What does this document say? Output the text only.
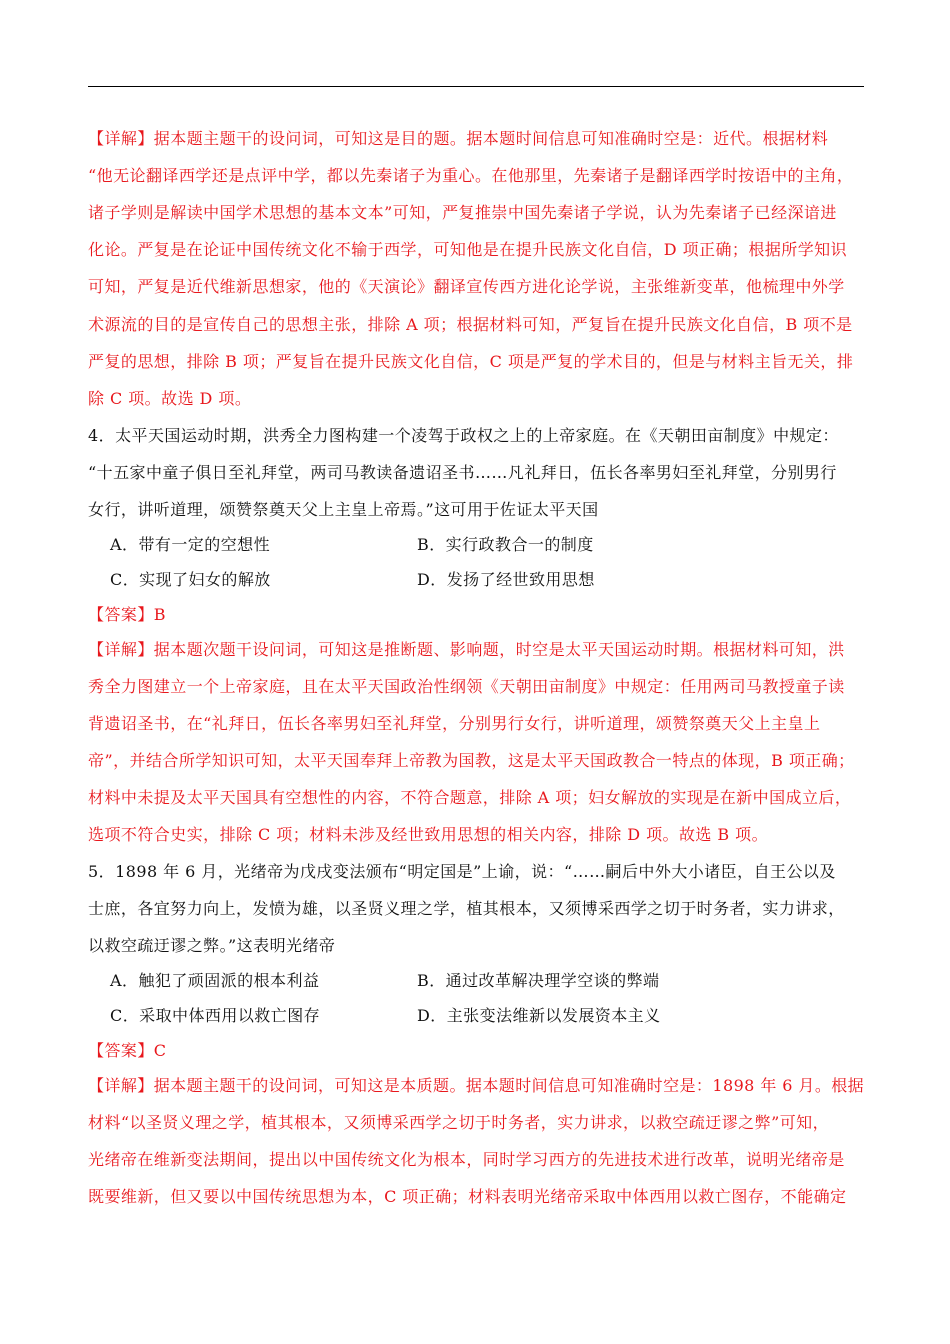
【详解】据本题主题干的设问词，可知这是目的题。据本题时间信息可知准确时空是：近代。根据材料
“他无论翻译西学还是点评中学，都以先秦诸子为重心。在他那里，先秦诸子是翻译西学时按语中的主角，
诸子学则是解读中国学术思想的基本文本”可知，严复推崇中国先秦诸子学说，认为先秦诸子已经深谙进
化论。严复是在论证中国传统文化不输于西学，可知他是在提升民族文化自信，D 项正确；根据所学知识
可知，严复是近代维新思想家，他的《天演论》翻译宣传西方进化论学说，主张维新变革，他梳理中外学
术源流的目的是宣传自己的思想主张，排除 A 项；根据材料可知，严复旨在提升民族文化自信，B 项不是
严复的思想，排除 B 项；严复旨在提升民族文化自信，C 项是严复的学术目的，但是与材料主旨无关，排
除 C 项。故选 D 项。
4．太平天国运动时期，洪秀全力图构建一个凌驾于政权之上的上帝家庭。在《天朝田亩制度》中规定：
“十五家中童子俱日至礼拜堂，两司马教读备遗诏圣书……凡礼拜日，伍长各率男妇至礼拜堂，分别男行
女行，讲听道理，颂赞祭奠天父上主皇上帝焉。”这可用于佐证太平天国
A．带有一定的空想性	B．实行政教合一的制度
C．实现了妇女的解放	D．发扬了经世致用思想
【答案】B
【详解】据本题次题干设问词，可知这是推断题、影响题，时空是太平天国运动时期。根据材料可知，洪
秀全力图建立一个上帝家庭，且在太平天国政治性纲领《天朝田亩制度》中规定：任用两司马教授童子读
背遗诏圣书，在“礼拜日，伍长各率男妇至礼拜堂，分别男行女行，讲听道理，颂赞祭奠天父上主皇上
帝”，并结合所学知识可知，太平天国奉拜上帝教为国教，这是太平天国政教合一特点的体现，B 项正确；
材料中未提及太平天国具有空想性的内容，不符合题意，排除 A 项；妇女解放的实现是在新中国成立后，
选项不符合史实，排除 C 项；材料未涉及经世致用思想的相关内容，排除 D 项。故选 B 项。
5．1898 年 6 月，光绪帝为戊戌变法颁布“明定国是”上谕，说：“……嗣后中外大小诸臣，自王公以及
士庶，各宜努力向上，发愤为雄，以圣贤义理之学，植其根本，又须博采西学之切于时务者，实力讲求，
以救空疏迂谬之弊。”这表明光绪帝
A．触犯了顽固派的根本利益	B．通过改革解决理学空谈的弊端
C．采取中体西用以救亡图存	D．主张变法维新以发展资本主义
【答案】C
【详解】据本题主题干的设问词，可知这是本质题。据本题时间信息可知准确时空是：1898 年 6 月。根据
材料“以圣贤义理之学，植其根本，又须博采西学之切于时务者，实力讲求，以救空疏迂谬之弊”可知，
光绪帝在维新变法期间，提出以中国传统文化为根本，同时学习西方的先进技术进行改革，说明光绪帝是
既要维新，但又要以中国传统思想为本，C 项正确；材料表明光绪帝采取中体西用以救亡图存，不能确定
